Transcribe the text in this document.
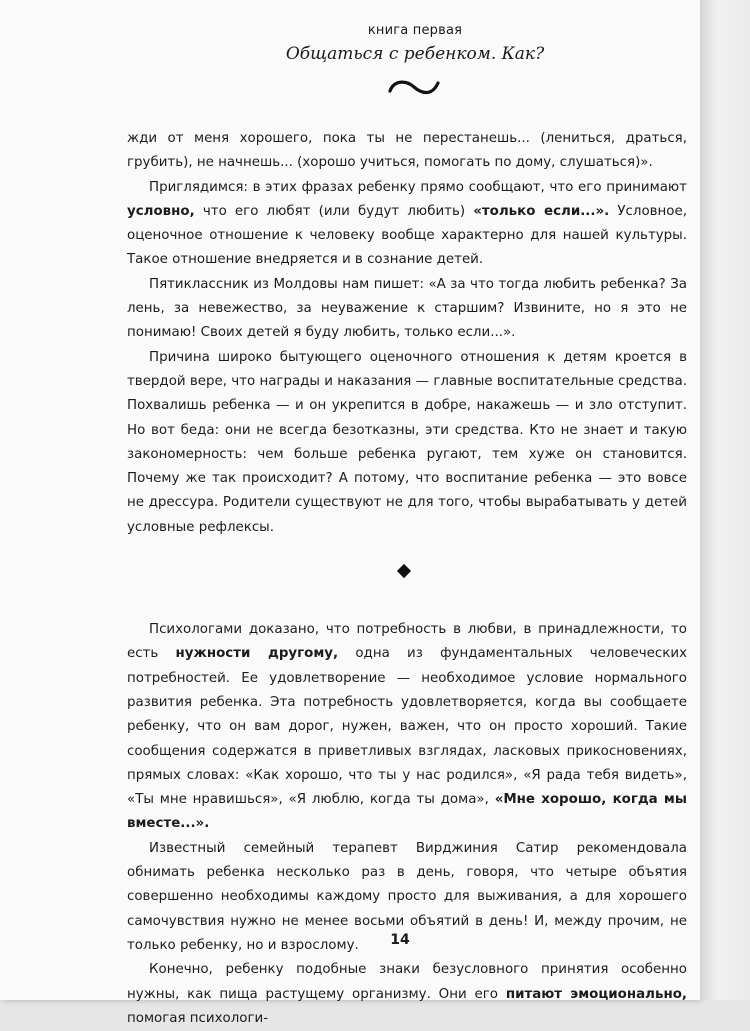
книга первая
Общаться с ребенком. Как?

жди от меня хорошего, пока ты не перестанешь... (лениться, драться, грубить), не начнешь... (хорошо учиться, помогать по дому, слушаться)».

Приглядимся: в этих фразах ребенку прямо сообщают, что его принимают условно, что его любят (или будут любить) «только если...». Условное, оценочное отношение к человеку вообще характерно для нашей культуры. Такое отношение внедряется и в сознание детей.

Пятиклассник из Молдовы нам пишет: «А за что тогда любить ребенка? За лень, за невежество, за неуважение к старшим? Извините, но я это не понимаю! Своих детей я буду любить, только если...».

Причина широко бытующего оценочного отношения к детям кроется в твердой вере, что награды и наказания — главные воспитательные средства. Похвалишь ребенка — и он укрепится в добре, накажешь — и зло отступит. Но вот беда: они не всегда безотказны, эти средства. Кто не знает и такую закономерность: чем больше ребенка ругают, тем хуже он становится. Почему же так происходит? А потому, что воспитание ребенка — это вовсе не дрессура. Родители существуют не для того, чтобы вырабатывать у детей условные рефлексы.

Психологами доказано, что потребность в любви, в принадлежности, то есть нужности другому, одна из фундаментальных человеческих потребностей. Ее удовлетворение — необходимое условие нормального развития ребенка. Эта потребность удовлетворяется, когда вы сообщаете ребенку, что он вам дорог, нужен, важен, что он просто хороший. Такие сообщения содержатся в приветливых взглядах, ласковых прикосновениях, прямых словах: «Как хорошо, что ты у нас родился», «Я рада тебя видеть», «Ты мне нравишься», «Я люблю, когда ты дома», «Мне хорошо, когда мы вместе...».

Известный семейный терапевт Вирджиния Сатир рекомендовала обнимать ребенка несколько раз в день, говоря, что четыре объятия совершенно необходимы каждому просто для выживания, а для хорошего самочувствия нужно не менее восьми объятий в день! И, между прочим, не только ребенку, но и взрослому.

Конечно, ребенку подобные знаки безусловного принятия особенно нужны, как пища растущему организму. Они его питают эмоционально, помогая психологи-

14
